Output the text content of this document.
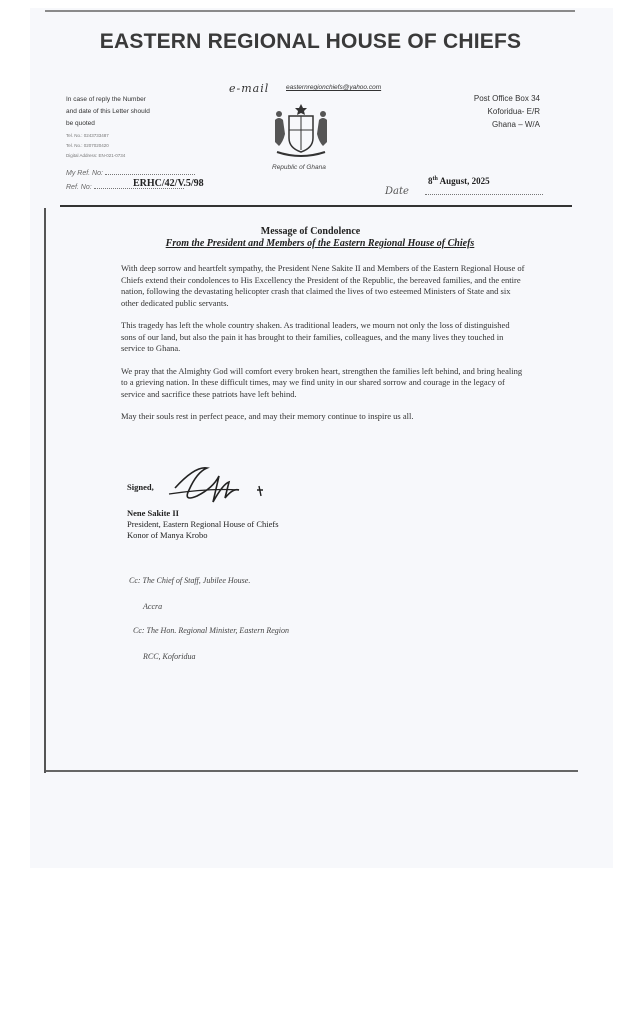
EASTERN REGIONAL HOUSE OF CHIEFS
In case of reply the Number
and date of this Letter should
be quoted
Tel. No.: 0243733487
Tel. No.: 0207020420
Digital Address: EN-021-0734
My Ref. No:
Ref. No:	ERHC/42/V.5/98
e-mail	easternregionchiefs@yahoo.com
Republic of Ghana
Post Office Box 34
Koforidua- E/R
Ghana – W/A
8th August, 2025
Date
Message of Condolence
From the President and Members of the Eastern Regional House of Chiefs

With deep sorrow and heartfelt sympathy, the President Nene Sakite II and Members of the Eastern Regional House of Chiefs extend their condolences to His Excellency the President of the Republic, the bereaved families, and the entire nation, following the devastating helicopter crash that claimed the lives of two esteemed Ministers of State and six other dedicated public servants.

This tragedy has left the whole country shaken. As traditional leaders, we mourn not only the loss of distinguished sons of our land, but also the pain it has brought to their families, colleagues, and the many lives they touched in service to Ghana.

We pray that the Almighty God will comfort every broken heart, strengthen the families left behind, and bring healing to a grieving nation. In these difficult times, may we find unity in our shared sorrow and courage in the legacy of service and sacrifice these patriots have left behind.

May their souls rest in perfect peace, and may their memory continue to inspire us all.

Signed,
Nene Sakite II
President, Eastern Regional House of Chiefs
Konor of Manya Krobo
Cc: The Chief of Staff, Jubilee House.
Accra
Cc: The Hon. Regional Minister, Eastern Region
RCC, Koforidua
